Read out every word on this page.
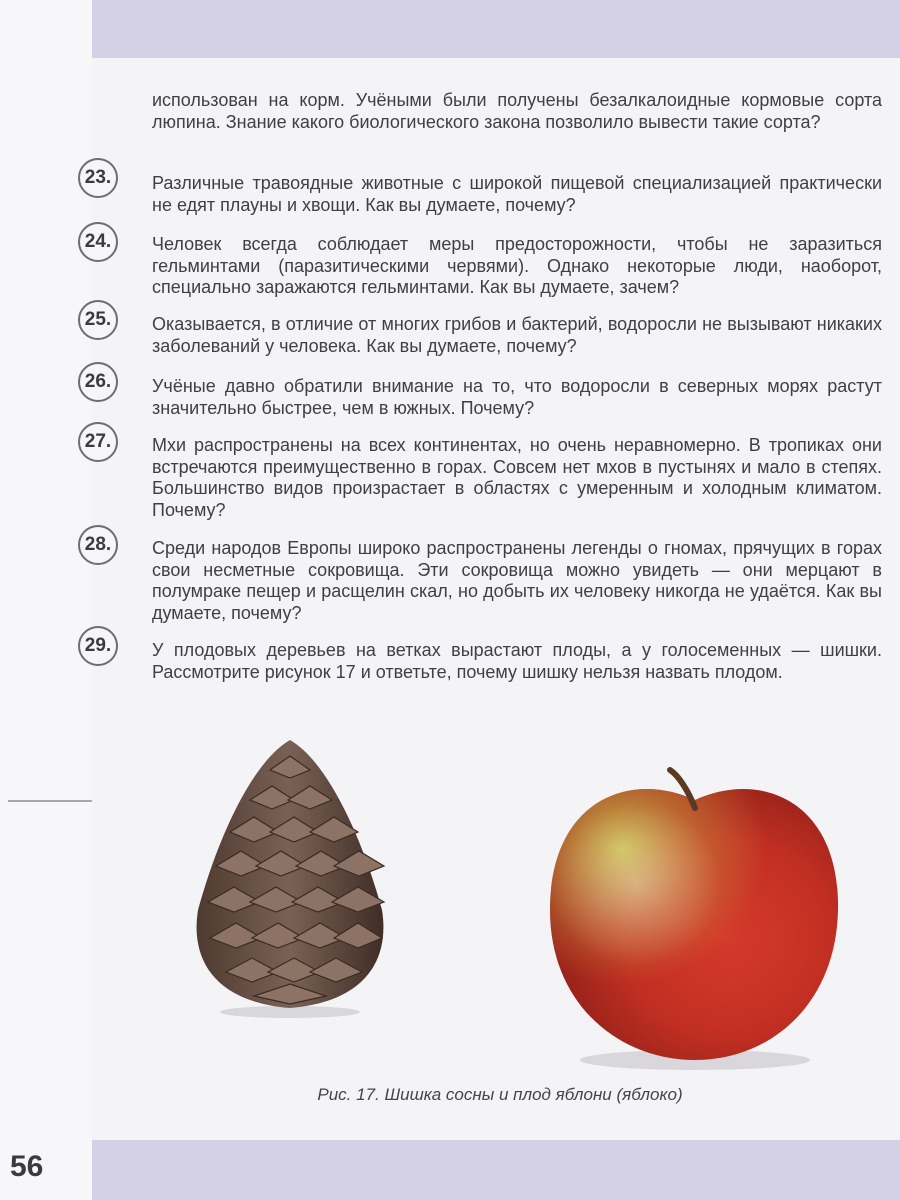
использован на корм. Учёными были получены безалкалоидные кормовые сорта люпина. Знание какого биологического закона позволило вывести такие сорта?
23.	Различные травоядные животные с широкой пищевой специализацией практически не едят плауны и хвощи. Как вы думаете, почему?
24.	Человек всегда соблюдает меры предосторожности, чтобы не заразиться гельминтами (паразитическими червями). Однако некоторые люди, наоборот, специально заражаются гельминтами. Как вы думаете, зачем?
25.	Оказывается, в отличие от многих грибов и бактерий, водоросли не вызывают никаких заболеваний у человека. Как вы думаете, почему?
26.	Учёные давно обратили внимание на то, что водоросли в северных морях растут значительно быстрее, чем в южных. Почему?
27.	Мхи распространены на всех континентах, но очень неравномерно. В тропиках они встречаются преимущественно в горах. Совсем нет мхов в пустынях и мало в степях. Большинство видов произрастает в областях с умеренным и холодным климатом. Почему?
28.	Среди народов Европы широко распространены легенды о гномах, прячущих в горах свои несметные сокровища. Эти сокровища можно увидеть — они мерцают в полумраке пещер и расщелин скал, но добыть их человеку никогда не удаётся. Как вы думаете, почему?
29.	У плодовых деревьев на ветках вырастают плоды, а у голосеменных — шишки. Рассмотрите рисунок 17 и ответьте, почему шишку нельзя назвать плодом.
Рис. 17. Шишка сосны и плод яблони (яблоко)
56
